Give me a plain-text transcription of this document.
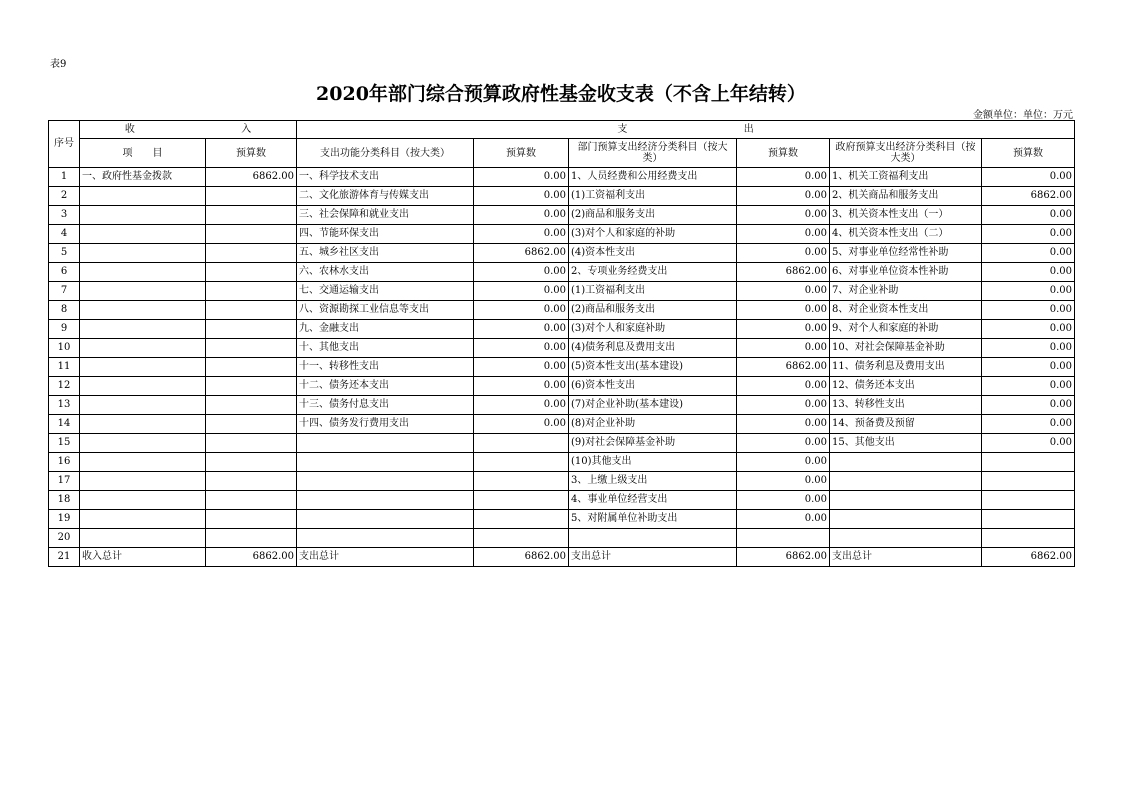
表9
2020年部门综合预算政府性基金收支表（不含上年结转）
金额单位：单位：万元
序号	收 入		支 出					
	项　　目	预算数	支出功能分类科目（按大类）	预算数	部门预算支出经济分类科目（按大类）	预算数	政府预算支出经济分类科目（按大类）	预算数
1	一、政府性基金拨款	6862.00	一、科学技术支出	0.00	1、人员经费和公用经费支出	0.00	1、机关工资福利支出	0.00
2			二、文化旅游体育与传媒支出	0.00	(1)工资福利支出	0.00	2、机关商品和服务支出	6862.00
3			三、社会保障和就业支出	0.00	(2)商品和服务支出	0.00	3、机关资本性支出（一）	0.00
4			四、节能环保支出	0.00	(3)对个人和家庭的补助	0.00	4、机关资本性支出（二）	0.00
5			五、城乡社区支出	6862.00	(4)资本性支出	0.00	5、对事业单位经常性补助	0.00
6			六、农林水支出	0.00	2、专项业务经费支出	6862.00	6、对事业单位资本性补助	0.00
7			七、交通运输支出	0.00	(1)工资福利支出	0.00	7、对企业补助	0.00
8			八、资源勘探工业信息等支出	0.00	(2)商品和服务支出	0.00	8、对企业资本性支出	0.00
9			九、金融支出	0.00	(3)对个人和家庭补助	0.00	9、对个人和家庭的补助	0.00
10			十、其他支出	0.00	(4)债务利息及费用支出	0.00	10、对社会保障基金补助	0.00
11			十一、转移性支出	0.00	(5)资本性支出(基本建设)	6862.00	11、债务利息及费用支出	0.00
12			十二、债务还本支出	0.00	(6)资本性支出	0.00	12、债务还本支出	0.00
13			十三、债务付息支出	0.00	(7)对企业补助(基本建设)	0.00	13、转移性支出	0.00
14			十四、债务发行费用支出	0.00	(8)对企业补助	0.00	14、预备费及预留	0.00
15					(9)对社会保障基金补助	0.00	15、其他支出	0.00
16					(10)其他支出	0.00		
17					3、上缴上级支出	0.00		
18					4、事业单位经营支出	0.00		
19					5、对附属单位补助支出	0.00		
20								
21	收入总计	6862.00	支出总计	6862.00	支出总计	6862.00	支出总计	6862.00
